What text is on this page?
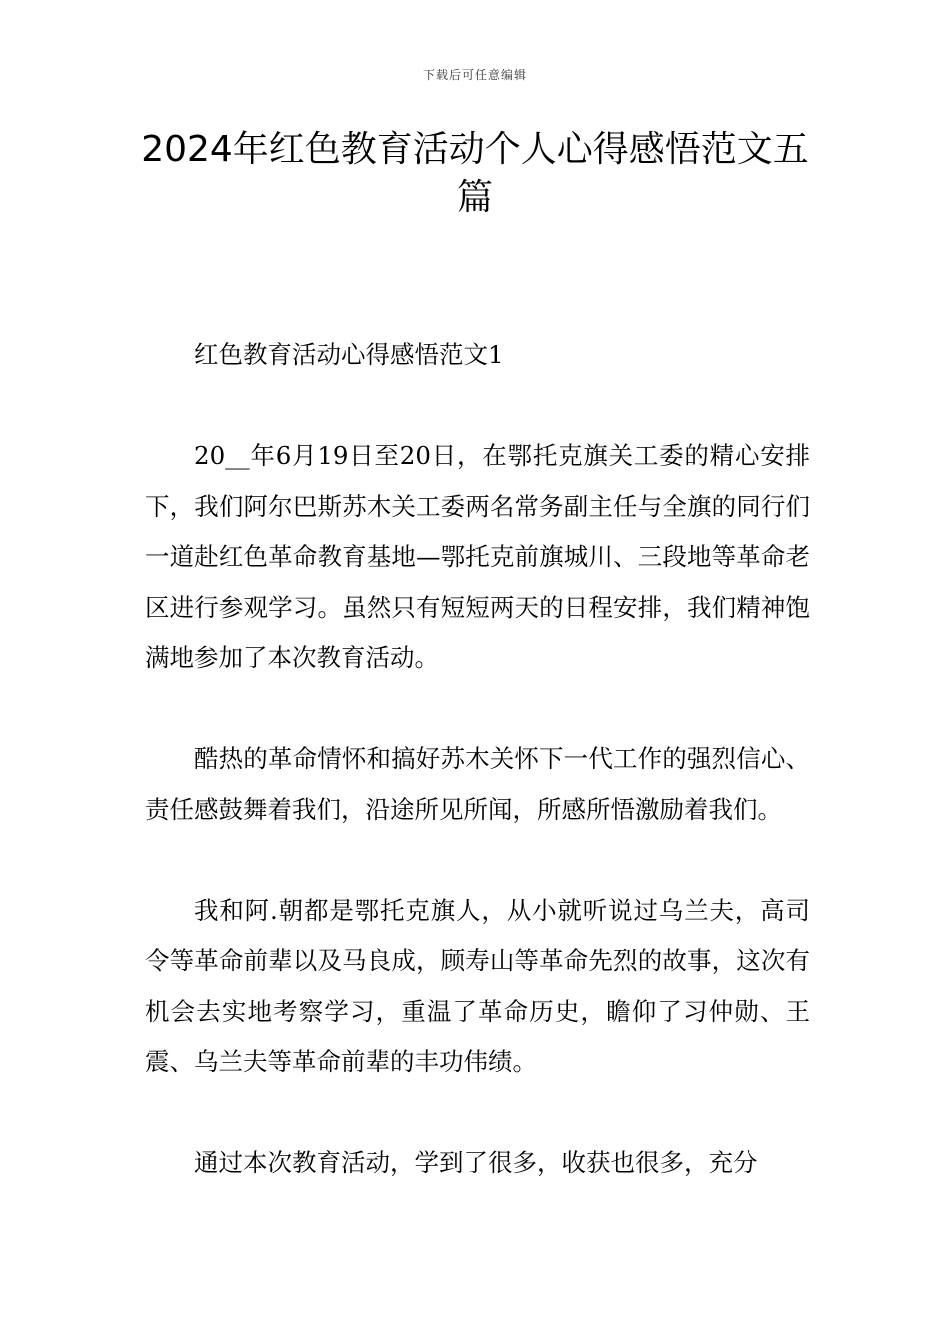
下载后可任意编辑
2024年红色教育活动个人心得感悟范文五篇

红色教育活动心得感悟范文1

20__年6月19日至20日，在鄂托克旗关工委的精心安排下，我们阿尔巴斯苏木关工委两名常务副主任与全旗的同行们一道赴红色革命教育基地—鄂托克前旗城川、三段地等革命老区进行参观学习。虽然只有短短两天的日程安排，我们精神饱满地参加了本次教育活动。

酷热的革命情怀和搞好苏木关怀下一代工作的强烈信心、责任感鼓舞着我们，沿途所见所闻，所感所悟激励着我们。

我和阿.朝都是鄂托克旗人，从小就听说过乌兰夫，高司令等革命前辈以及马良成，顾寿山等革命先烈的故事，这次有机会去实地考察学习，重温了革命历史，瞻仰了习仲勋、王震、乌兰夫等革命前辈的丰功伟绩。

通过本次教育活动，学到了很多，收获也很多，充分
